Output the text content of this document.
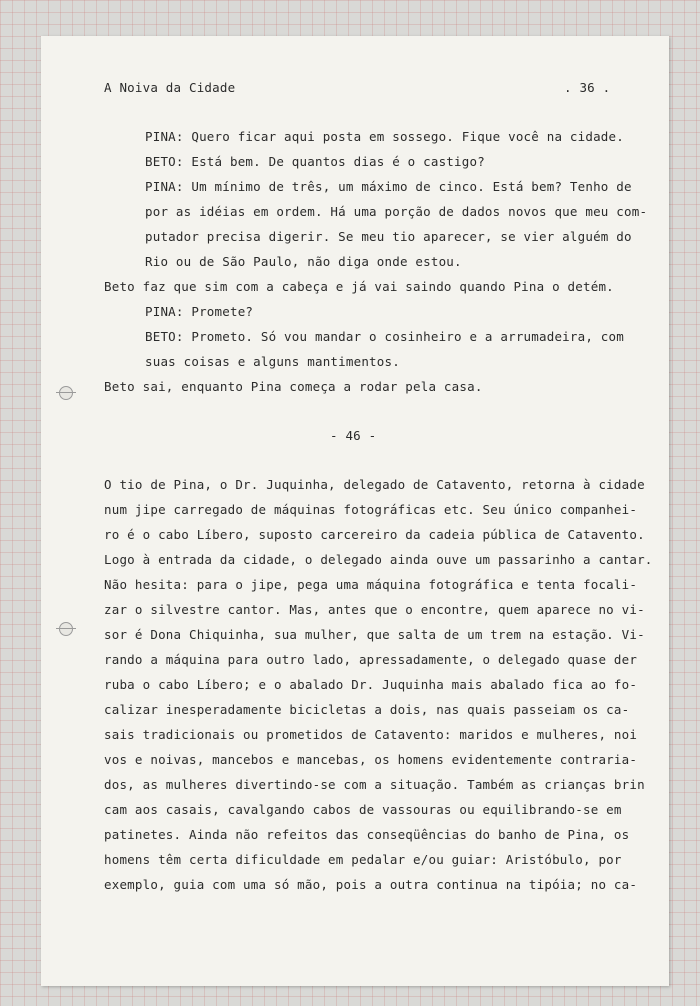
A Noiva da Cidade	. 36 .
PINA: Quero ficar aqui posta em sossego. Fique você na cidade.
BETO: Está bem. De quantos dias é o castigo?
PINA: Um mínimo de três, um máximo de cinco. Está bem? Tenho de
por as idéias em ordem. Há uma porção de dados novos que meu com-
putador precisa digerir. Se meu tio aparecer, se vier alguém do
Rio ou de São Paulo, não diga onde estou.
Beto faz que sim com a cabeça e já vai saindo quando Pina o detém.
PINA: Promete?
BETO: Prometo. Só vou mandar o cosinheiro e a arrumadeira, com
suas coisas e alguns mantimentos.
Beto sai, enquanto Pina começa a rodar pela casa.
- 46 -
O tio de Pina, o Dr. Juquinha, delegado de Catavento, retorna à cidade
num jipe carregado de máquinas fotográficas etc. Seu único companhei-
ro é o cabo Líbero, suposto carcereiro da cadeia pública de Catavento.
Logo à entrada da cidade, o delegado ainda ouve um passarinho a cantar.
Não hesita: para o jipe, pega uma máquina fotográfica e tenta focali-
zar o silvestre cantor. Mas, antes que o encontre, quem aparece no vi-
sor é Dona Chiquinha, sua mulher, que salta de um trem na estação. Vi-
rando a máquina para outro lado, apressadamente, o delegado quase der
ruba o cabo Líbero; e o abalado Dr. Juquinha mais abalado fica ao fo-
calizar inesperadamente bicicletas a dois, nas quais passeiam os ca-
sais tradicionais ou prometidos de Catavento: maridos e mulheres, noi
vos e noivas, mancebos e mancebas, os homens evidentemente contraria-
dos, as mulheres divertindo-se com a situação. Também as crianças brin
cam aos casais, cavalgando cabos de vassouras ou equilibrando-se em
patinetes. Ainda não refeitos das conseqüências do banho de Pina, os
homens têm certa dificuldade em pedalar e/ou guiar: Aristóbulo, por
exemplo, guia com uma só mão, pois a outra continua na tipóia; no ca-
